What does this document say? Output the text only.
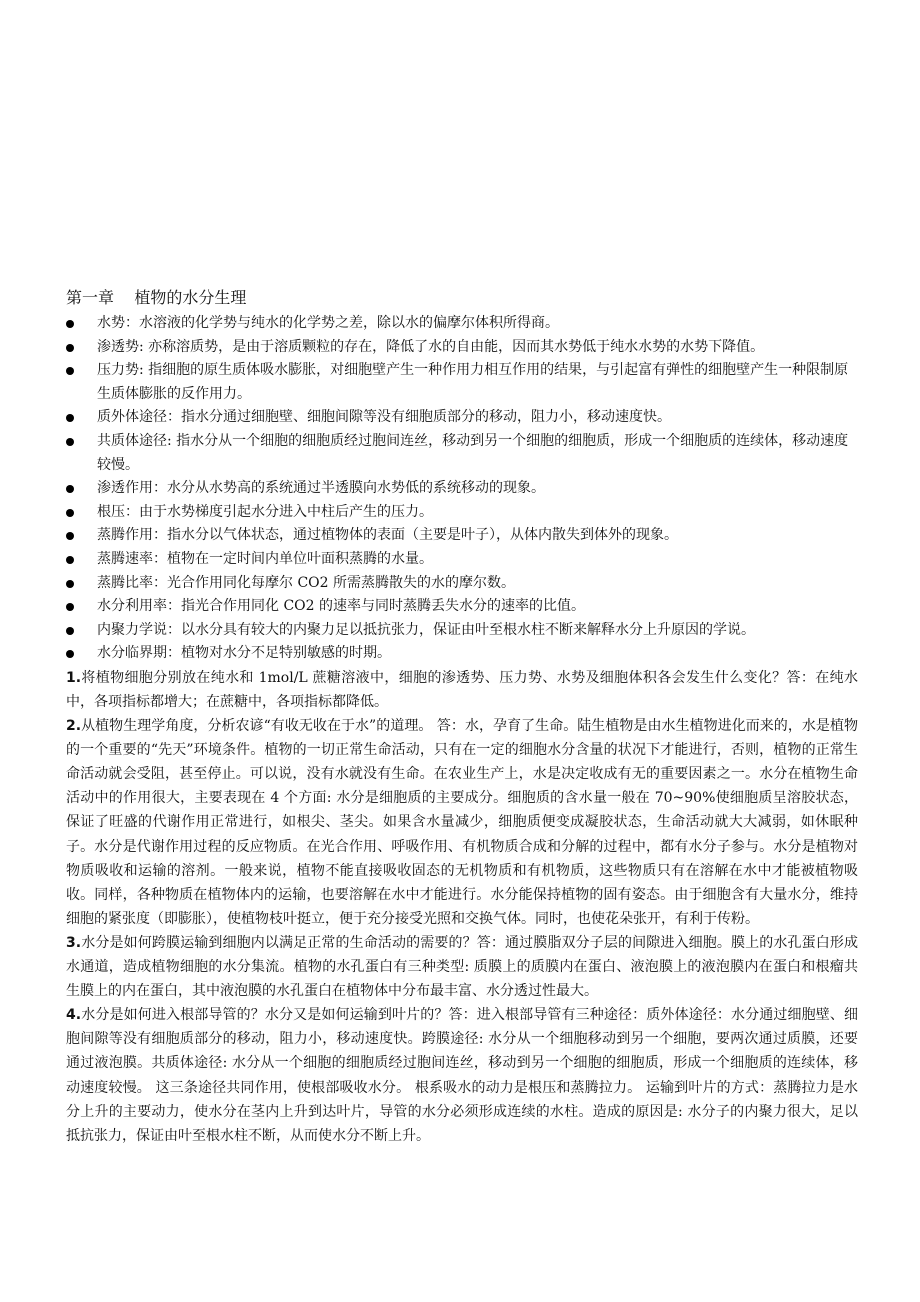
第一章    植物的水分生理
水势：水溶液的化学势与纯水的化学势之差，除以水的偏摩尔体积所得商。
渗透势: 亦称溶质势，是由于溶质颗粒的存在，降低了水的自由能，因而其水势低于纯水水势的水势下降值。
压力势: 指细胞的原生质体吸水膨胀，对细胞壁产生一种作用力相互作用的结果，与引起富有弹性的细胞壁产生一种限制原生质体膨胀的反作用力。
质外体途径：指水分通过细胞壁、细胞间隙等没有细胞质部分的移动，阻力小，移动速度快。
共质体途径: 指水分从一个细胞的细胞质经过胞间连丝，移动到另一个细胞的细胞质，形成一个细胞质的连续体，移动速度较慢。
渗透作用：水分从水势高的系统通过半透膜向水势低的系统移动的现象。
根压：由于水势梯度引起水分进入中柱后产生的压力。
蒸腾作用：指水分以气体状态，通过植物体的表面（主要是叶子），从体内散失到体外的现象。
蒸腾速率：植物在一定时间内单位叶面积蒸腾的水量。
蒸腾比率：光合作用同化每摩尔 CO2 所需蒸腾散失的水的摩尔数。
水分利用率：指光合作用同化 CO2 的速率与同时蒸腾丢失水分的速率的比值。
内聚力学说：以水分具有较大的内聚力足以抵抗张力，保证由叶至根水柱不断来解释水分上升原因的学说。
水分临界期：植物对水分不足特别敏感的时期。
1.将植物细胞分别放在纯水和 1mol/L 蔗糖溶液中，细胞的渗透势、压力势、水势及细胞体积各会发生什么变化？答：在纯水中，各项指标都增大；在蔗糖中，各项指标都降低。
2.从植物生理学角度，分析农谚“有收无收在于水”的道理。 答：水，孕育了生命。陆生植物是由水生植物进化而来的，水是植物的一个重要的“先天”环境条件。植物的一切正常生命活动，只有在一定的细胞水分含量的状况下才能进行，否则，植物的正常生命活动就会受阻，甚至停止。可以说，没有水就没有生命。在农业生产上，水是决定收成有无的重要因素之一。水分在植物生命活动中的作用很大，主要表现在 4 个方面: 水分是细胞质的主要成分。细胞质的含水量一般在 70~90%使细胞质呈溶胶状态，保证了旺盛的代谢作用正常进行，如根尖、茎尖。如果含水量减少，细胞质便变成凝胶状态，生命活动就大大减弱，如休眠种子。水分是代谢作用过程的反应物质。在光合作用、呼吸作用、有机物质合成和分解的过程中，都有水分子参与。水分是植物对物质吸收和运输的溶剂。一般来说，植物不能直接吸收固态的无机物质和有机物质，这些物质只有在溶解在水中才能被植物吸收。同样，各种物质在植物体内的运输，也要溶解在水中才能进行。水分能保持植物的固有姿态。由于细胞含有大量水分，维持细胞的紧张度（即膨胀），使植物枝叶挺立，便于充分接受光照和交换气体。同时，也使花朵张开，有利于传粉。
3.水分是如何跨膜运输到细胞内以满足正常的生命活动的需要的？答：通过膜脂双分子层的间隙进入细胞。膜上的水孔蛋白形成水通道，造成植物细胞的水分集流。植物的水孔蛋白有三种类型: 质膜上的质膜内在蛋白、液泡膜上的液泡膜内在蛋白和根瘤共生膜上的内在蛋白，其中液泡膜的水孔蛋白在植物体中分布最丰富、水分透过性最大。
4.水分是如何进入根部导管的？水分又是如何运输到叶片的？答：进入根部导管有三种途径：质外体途径：水分通过细胞壁、细胞间隙等没有细胞质部分的移动，阻力小，移动速度快。跨膜途径: 水分从一个细胞移动到另一个细胞，要两次通过质膜，还要通过液泡膜。共质体途径: 水分从一个细胞的细胞质经过胞间连丝，移动到另一个细胞的细胞质，形成一个细胞质的连续体，移动速度较慢。 这三条途径共同作用，使根部吸收水分。 根系吸水的动力是根压和蒸腾拉力。 运输到叶片的方式：蒸腾拉力是水分上升的主要动力，使水分在茎内上升到达叶片，导管的水分必须形成连续的水柱。造成的原因是: 水分子的内聚力很大，足以抵抗张力，保证由叶至根水柱不断，从而使水分不断上升。
